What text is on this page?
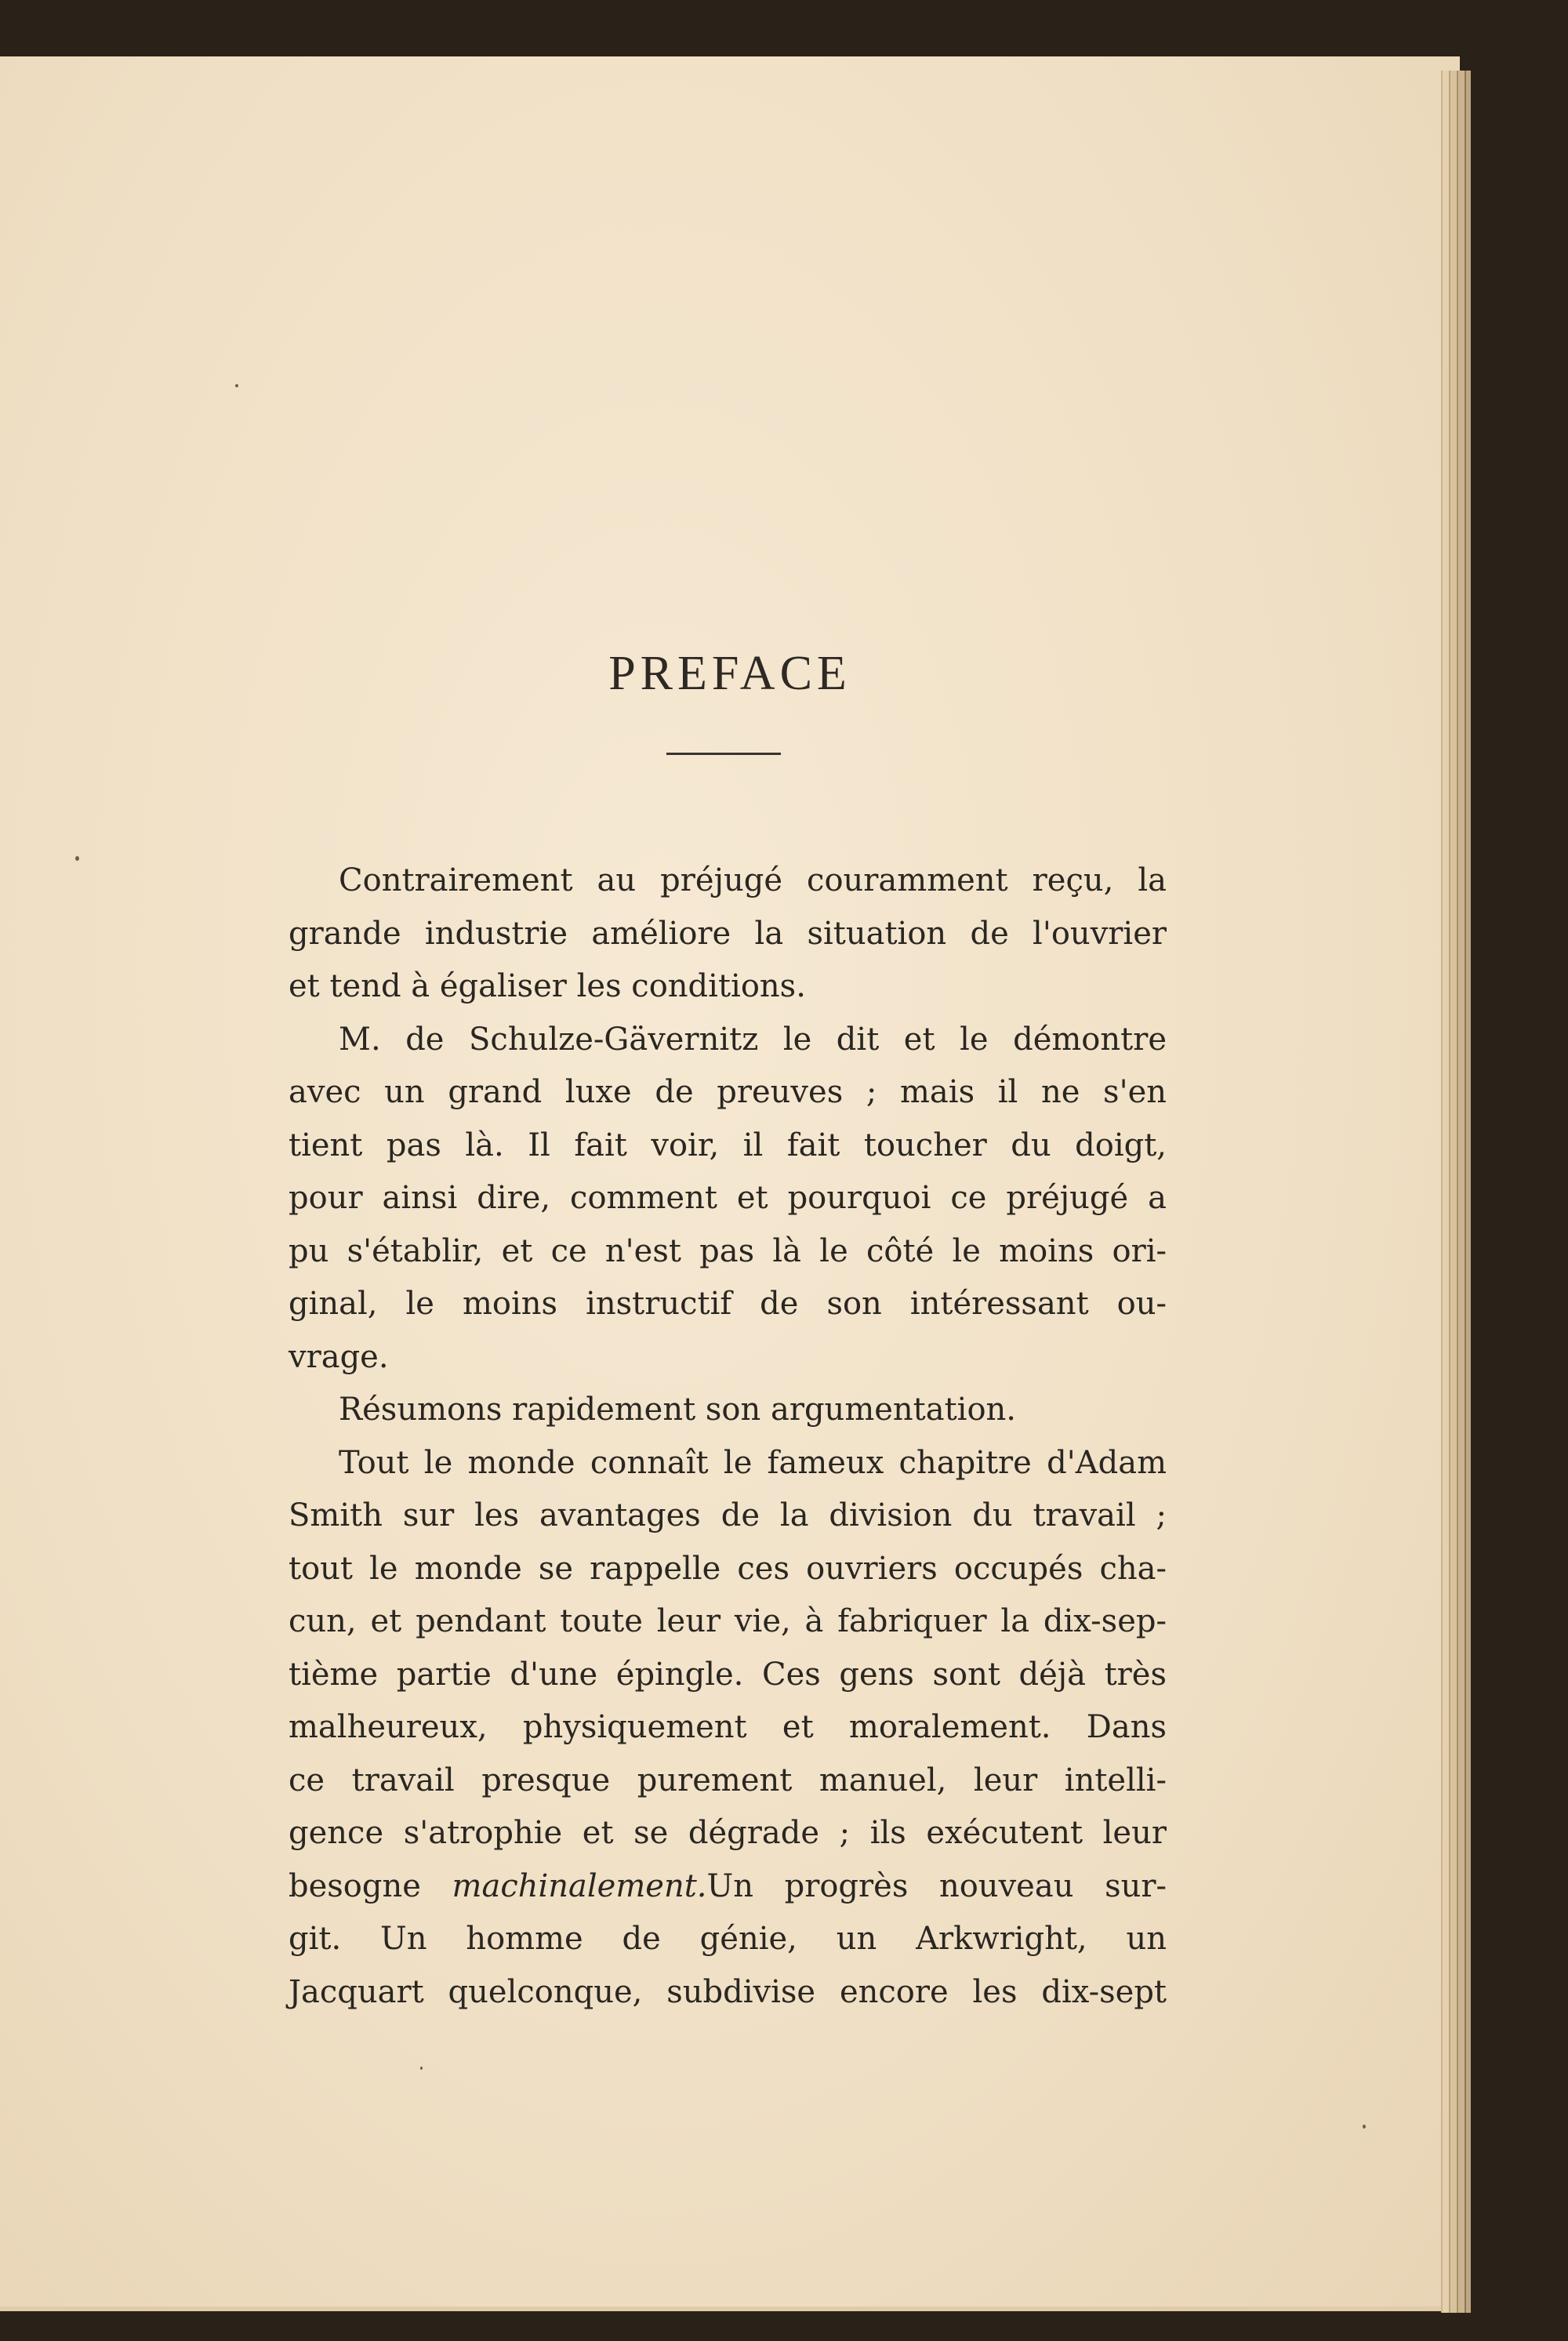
PREFACE
Contrairement au préjugé couramment reçu, la
grande industrie améliore la situation de l'ouvrier
et tend à égaliser les conditions.
M. de Schulze-Gävernitz le dit et le démontre
avec un grand luxe de preuves ; mais il ne s'en
tient pas là. Il fait voir, il fait toucher du doigt,
pour ainsi dire, comment et pourquoi ce préjugé a
pu s'établir, et ce n'est pas là le côté le moins ori-
ginal, le moins instructif de son intéressant ou-
vrage.
Résumons rapidement son argumentation.
Tout le monde connaît le fameux chapitre d'Adam
Smith sur les avantages de la division du travail ;
tout le monde se rappelle ces ouvriers occupés cha-
cun, et pendant toute leur vie, à fabriquer la dix-sep-
tième partie d'une épingle. Ces gens sont déjà très
malheureux, physiquement et moralement. Dans
ce travail presque purement manuel, leur intelli-
gence s'atrophie et se dégrade ; ils exécutent leur
besogne machinalement.Un progrès nouveau sur-
git. Un homme de génie, un Arkwright, un
Jacquart quelconque, subdivise encore les dix-sept
